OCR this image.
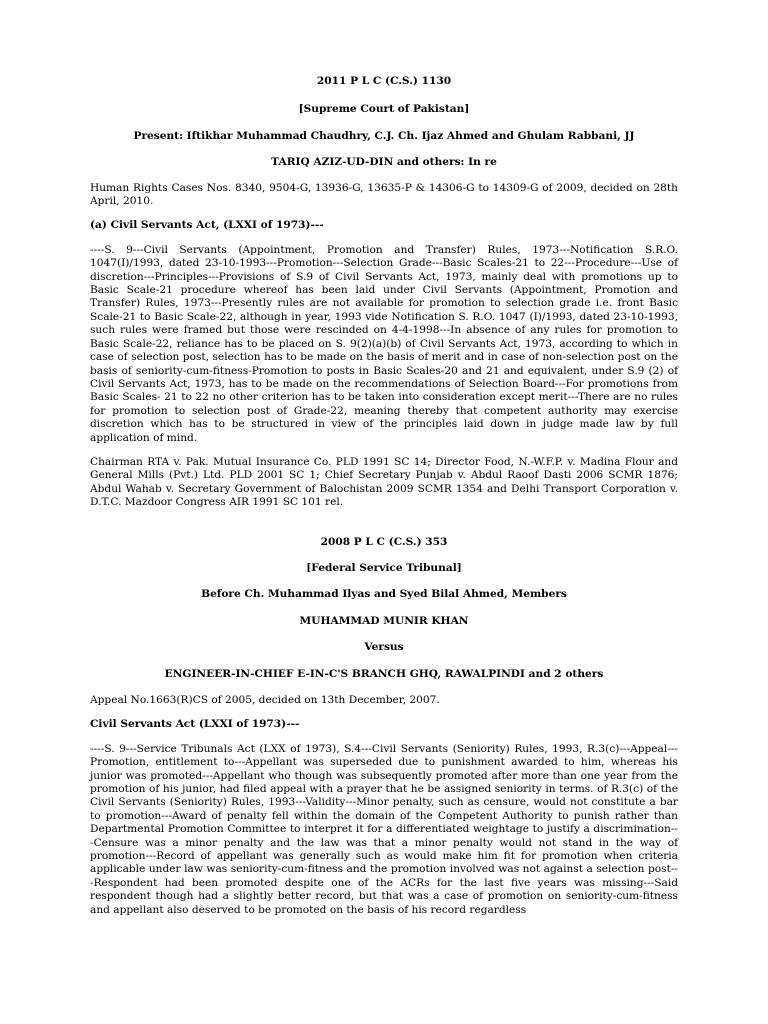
2011 P L C (C.S.) 1130

[Supreme Court of Pakistan]

Present: Iftikhar Muhammad Chaudhry, C.J. Ch. Ijaz Ahmed and Ghulam Rabbani, JJ

TARIQ AZIZ-UD-DIN and others: In re

Human Rights Cases Nos. 8340, 9504-G, 13936-G, 13635-P & 14306-G to 14309-G of 2009, decided on 28th April, 2010.

(a) Civil Servants Act, (LXXI of 1973)---

----S. 9---Civil Servants (Appointment, Promotion and Transfer) Rules, 1973---Notification S.R.O. 1047(I)/1993, dated 23-10-1993---Promotion---Selection Grade---Basic Scales-21 to 22---Procedure---Use of discretion---Principles---Provisions of S.9 of Civil Servants Act, 1973, mainly deal with promotions up to Basic Scale-21 procedure whereof has been laid under Civil Servants (Appointment, Promotion and Transfer) Rules, 1973---Presently rules are not available for promotion to selection grade i.e. front Basic Scale-21 to Basic Scale-22, although in year, 1993 vide Notification S. R.O. 1047 (I)/1993, dated 23-10-1993, such rules were framed but those were rescinded on 4-4-1998---In absence of any rules for promotion to Basic Scale-22, reliance has to be placed on S. 9(2)(a)(b) of Civil Servants Act, 1973, according to which in case of selection post, selection has to be made on the basis of merit and in case of non-selection post on the basis of seniority-cum-fitness-Promotion to posts in Basic Scales-20 and 21 and equivalent, under S.9 (2) of Civil Servants Act, 1973, has to be made on the recommendations of Selection Board---For promotions from Basic Scales- 21 to 22 no other criterion has to be taken into consideration except merit---There are no rules for promotion to selection post of Grade-22, meaning thereby that competent authority may exercise discretion which has to be structured in view of the principles laid down in judge made law by full application of mind.

Chairman RTA v. Pak. Mutual Insurance Co. PLD 1991 SC 14; Director Food, N.-W.F.P. v. Madina Flour and General Mills (Pvt.) Ltd. PLD 2001 SC 1; Chief Secretary Punjab v. Abdul Raoof Dasti 2006 SCMR 1876; Abdul Wahab v. Secretary Government of Balochistan 2009 SCMR 1354 and Delhi Transport Corporation v. D.T.C. Mazdoor Congress AIR 1991 SC 101 rel.

2008 P L C (C.S.) 353

[Federal Service Tribunal]

Before Ch. Muhammad Ilyas and Syed Bilal Ahmed, Members

MUHAMMAD MUNIR KHAN

Versus

ENGINEER-IN-CHIEF E-IN-C'S BRANCH GHQ, RAWALPINDI and 2 others

Appeal No.1663(R)CS of 2005, decided on 13th December, 2007.

Civil Servants Act (LXXI of 1973)---

----S. 9---Service Tribunals Act (LXX of 1973), S.4---Civil Servants (Seniority) Rules, 1993, R.3(c)---Appeal---Promotion, entitlement to---Appellant was superseded due to punishment awarded to him, whereas his junior was promoted---Appellant who though was subsequently promoted after more than one year from the promotion of his junior, had filed appeal with a prayer that he be assigned seniority in terms. of R.3(c) of the Civil Servants (Seniority) Rules, 1993---Validity---Minor penalty, such as censure, would not constitute a bar to promotion---Award of penalty fell within the domain of the Competent Authority to punish rather than Departmental Promotion Committee to interpret it for a differentiated weightage to justify a discrimination---Censure was a minor penalty and the law was that a minor penalty would not stand in the way of promotion---Record of appellant was generally such as would make him fit for promotion when criteria applicable under law was seniority-cum-fitness and the promotion involved was not against a selection post---Respondent had been promoted despite one of the ACRs for the last five years was missing---Said respondent though had a slightly better record, but that was a case of promotion on seniority-cum-fitness and appellant also deserved to be promoted on the basis of his record regardless
